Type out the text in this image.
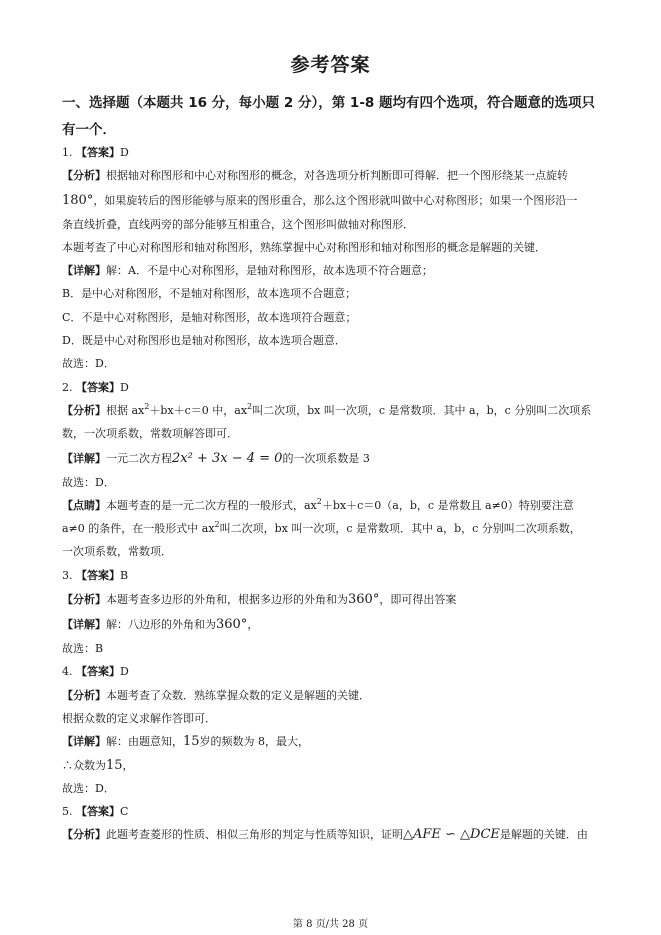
参考答案
一、选择题（本题共 16 分，每小题 2 分），第 1-8 题均有四个选项，符合题意的选项只有一个．
1. 【答案】D
【分析】根据轴对称图形和中心对称图形的概念，对各选项分析判断即可得解．把一个图形绕某一点旋转
180°，如果旋转后的图形能够与原来的图形重合，那么这个图形就叫做中心对称图形；如果一个图形沿一
条直线折叠，直线两旁的部分能够互相重合，这个图形叫做轴对称图形．
本题考查了中心对称图形和轴对称图形，熟练掌握中心对称图形和轴对称图形的概念是解题的关键．
【详解】解：A．不是中心对称图形，是轴对称图形，故本选项不符合题意；
B．是中心对称图形，不是轴对称图形，故本选项不合题意；
C．不是中心对称图形，是轴对称图形，故本选项符合题意；
D．既是中心对称图形也是轴对称图形，故本选项合题意．
故选：D．
2. 【答案】D
【分析】根据 $ax^2+bx+c=0$ 中，$ax^2$叫二次项，bx 叫一次项，c 是常数项．其中 a，b，c 分别叫二次项系
数，一次项系数，常数项解答即可．
【详解】一元二次方程2x² + 3x − 4 = 0的一次项系数是 3
故选：D．
【点睛】本题考查的是一元二次方程的一般形式，$ax^2+bx+c=0(a$，b，c 是常数且 a≠0）特别要注意
a≠0 的条件，在一般形式中 $ax^2$叫二次项，bx 叫一次项，c 是常数项．其中 a，b，c 分别叫二次项系数，
一次项系数，常数项．
3. 【答案】B
【分析】本题考查多边形的外角和，根据多边形的外角和为360°，即可得出答案
【详解】解：八边形的外角和为360°，
故选：B
4. 【答案】D
【分析】本题考查了众数．熟练掌握众数的定义是解题的关键．
根据众数的定义求解作答即可．
【详解】解：由题意知，15岁的频数为 8，最大，
∴众数为15，
故选：D．
5. 【答案】C
【分析】此题考查菱形的性质、相似三角形的判定与性质等知识，证明△AFE ∽ △DCE是解题的关键．由
第 8 页/共 28 页
